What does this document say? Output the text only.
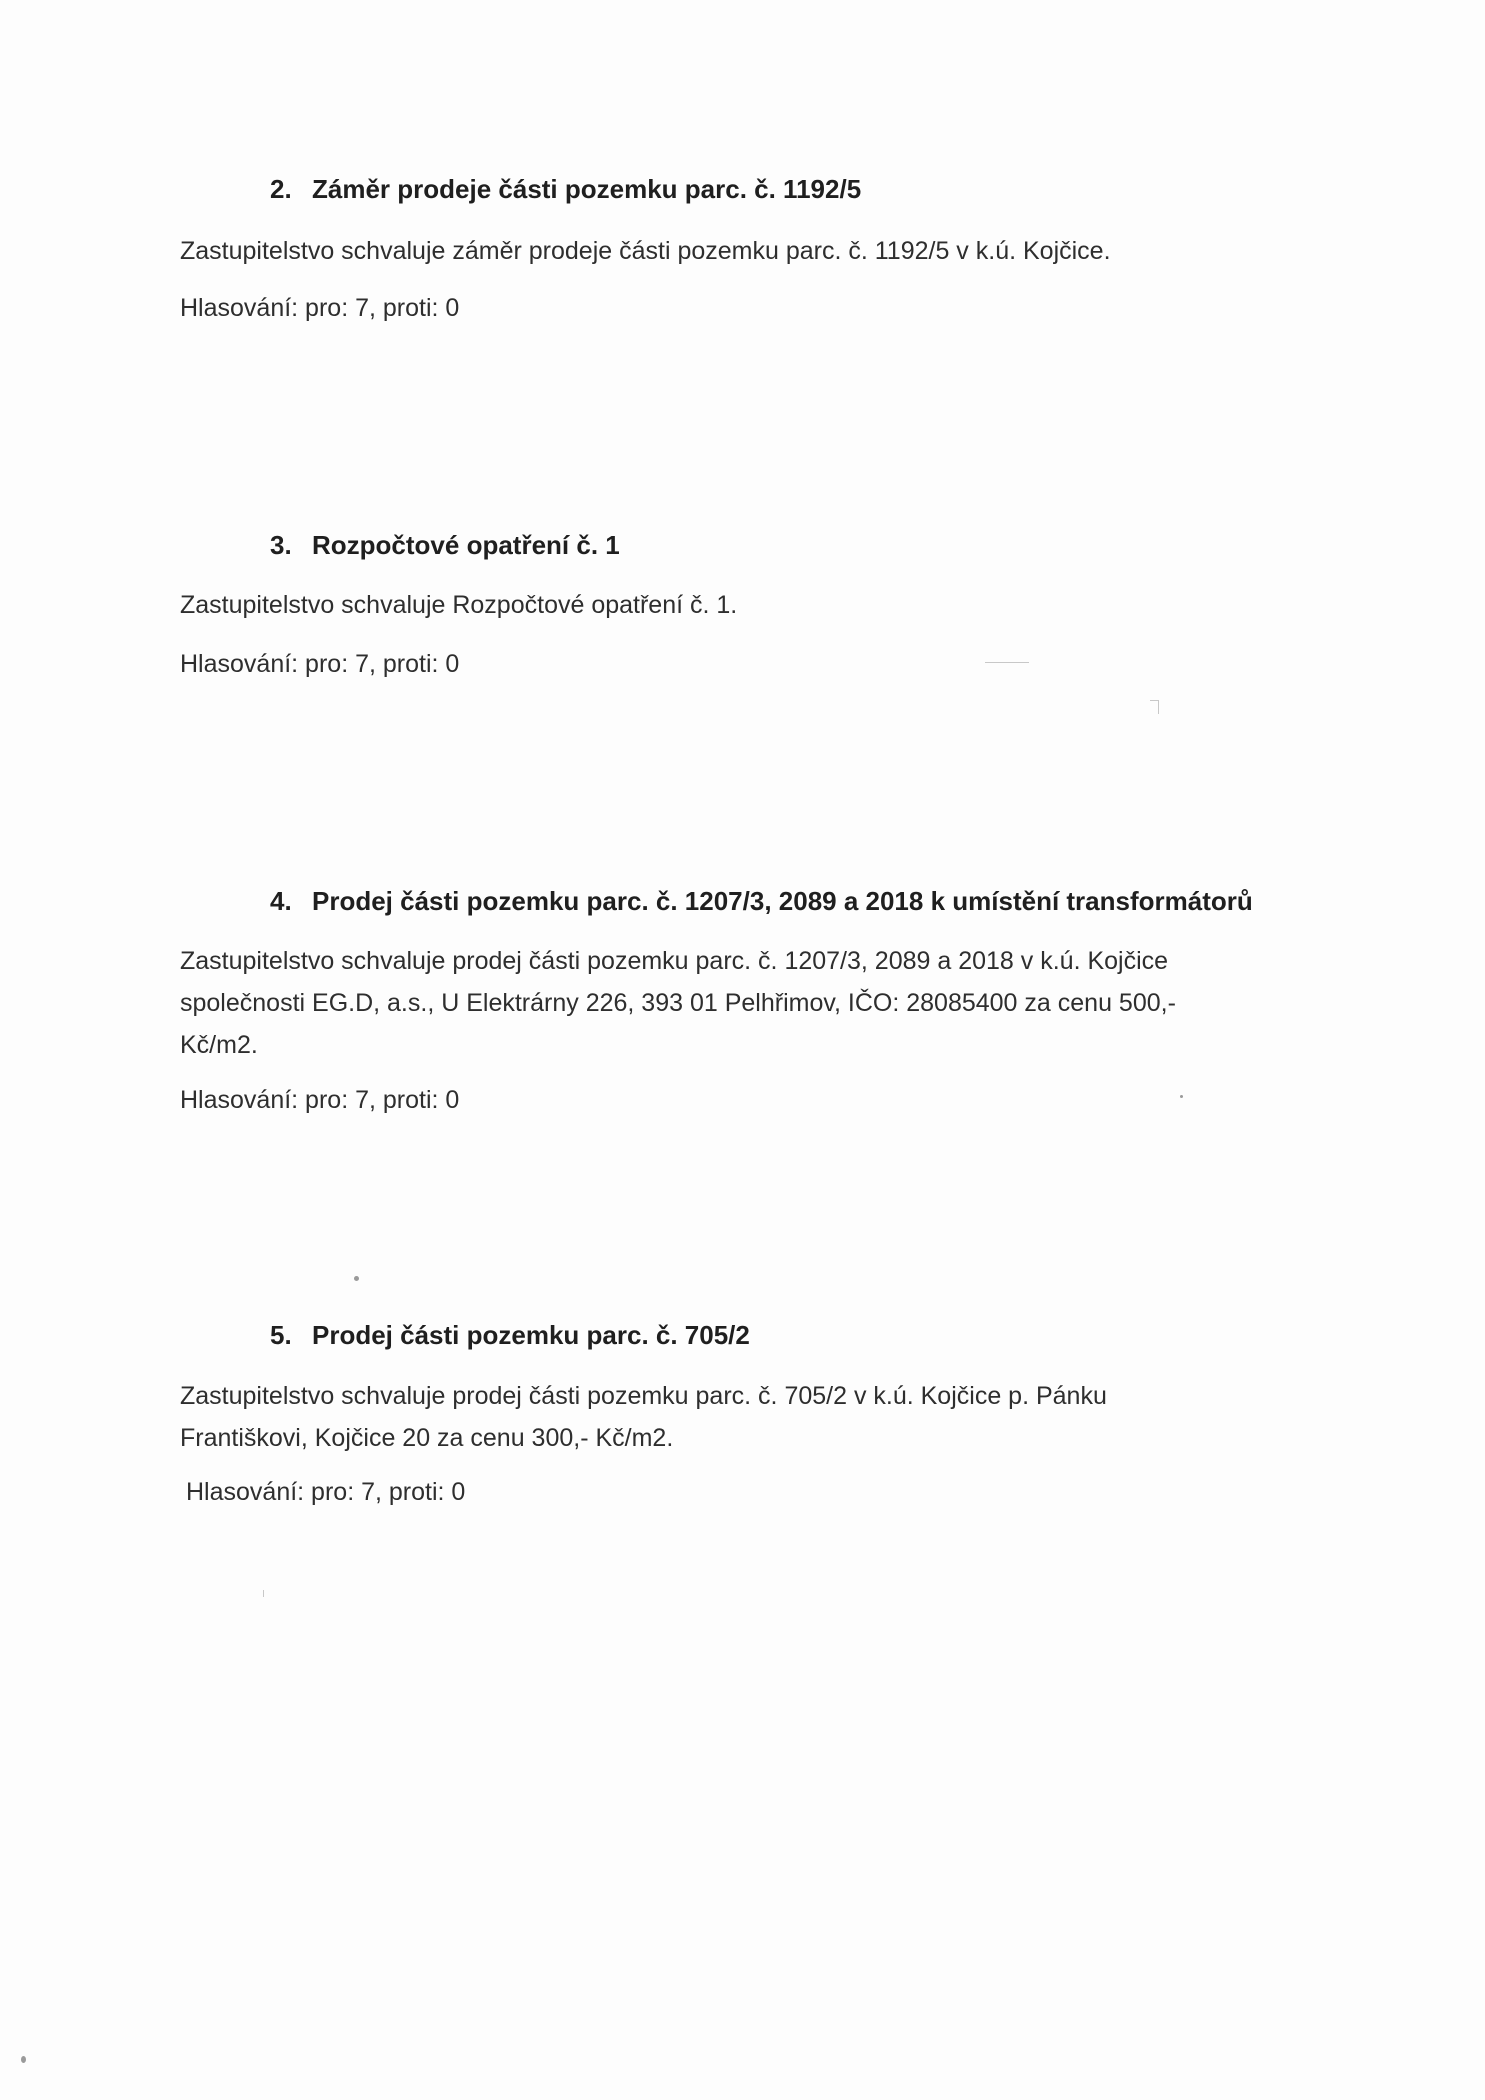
2. Záměr prodeje části pozemku parc. č. 1192/5

Zastupitelstvo schvaluje záměr prodeje části pozemku parc. č. 1192/5 v k.ú. Kojčice.

Hlasování: pro: 7, proti: 0

3. Rozpočtové opatření č. 1

Zastupitelstvo schvaluje Rozpočtové opatření č. 1.

Hlasování: pro: 7, proti: 0

4. Prodej části pozemku parc. č. 1207/3, 2089 a 2018 k umístění transformátorů

Zastupitelstvo schvaluje prodej části pozemku parc. č. 1207/3, 2089 a 2018 v k.ú. Kojčice
společnosti EG.D, a.s., U Elektrárny 226, 393 01 Pelhřimov, IČO: 28085400 za cenu 500,-
Kč/m2.

Hlasování: pro: 7, proti: 0

5. Prodej části pozemku parc. č. 705/2

Zastupitelstvo schvaluje prodej části pozemku parc. č. 705/2 v k.ú. Kojčice p. Pánku
Františkovi, Kojčice 20 za cenu 300,- Kč/m2.

Hlasování: pro: 7, proti: 0
